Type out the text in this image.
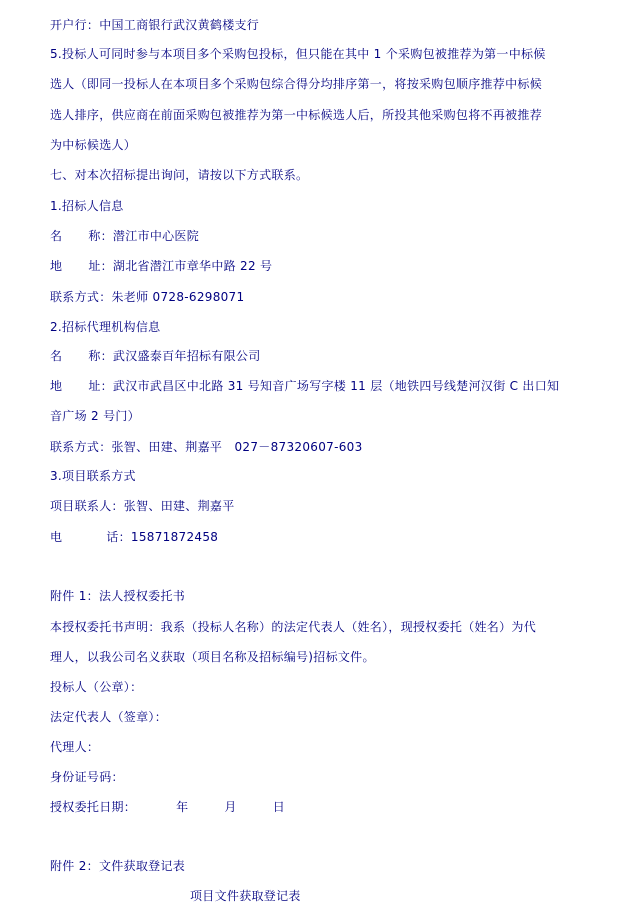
开户行：中国工商银行武汉黄鹤楼支行
5.投标人可同时参与本项目多个采购包投标，但只能在其中 1 个采购包被推荐为第一中标候
选人（即同一投标人在本项目多个采购包综合得分均排序第一，将按采购包顺序推荐中标候
选人排序，供应商在前面采购包被推荐为第一中标候选人后，所投其他采购包将不再被推荐
为中标候选人）
七、对本次招标提出询问，请按以下方式联系。
1.招标人信息
名 称：潜江市中心医院
地 址：湖北省潜江市章华中路 22 号
联系方式：朱老师 0728-6298071
2.招标代理机构信息
名 称：武汉盛泰百年招标有限公司
地 址：武汉市武昌区中北路 31 号知音广场写字楼 11 层（地铁四号线楚河汉街 C 出口知
音广场 2 号门）
联系方式：张智、田建、荆嘉平　027－87320607-603
3.项目联系方式
项目联系人：张智、田建、荆嘉平
电	话：15871872458
附件 1：法人授权委托书
本授权委托书声明：我系（投标人名称）的法定代表人（姓名），现授权委托（姓名）为代
理人，以我公司名义获取（项目名称及招标编号)招标文件。
投标人（公章）：
法定代表人（签章）：
代理人：
身份证号码：
授权委托日期：	年	月	日
附件 2：文件获取登记表
项目文件获取登记表
